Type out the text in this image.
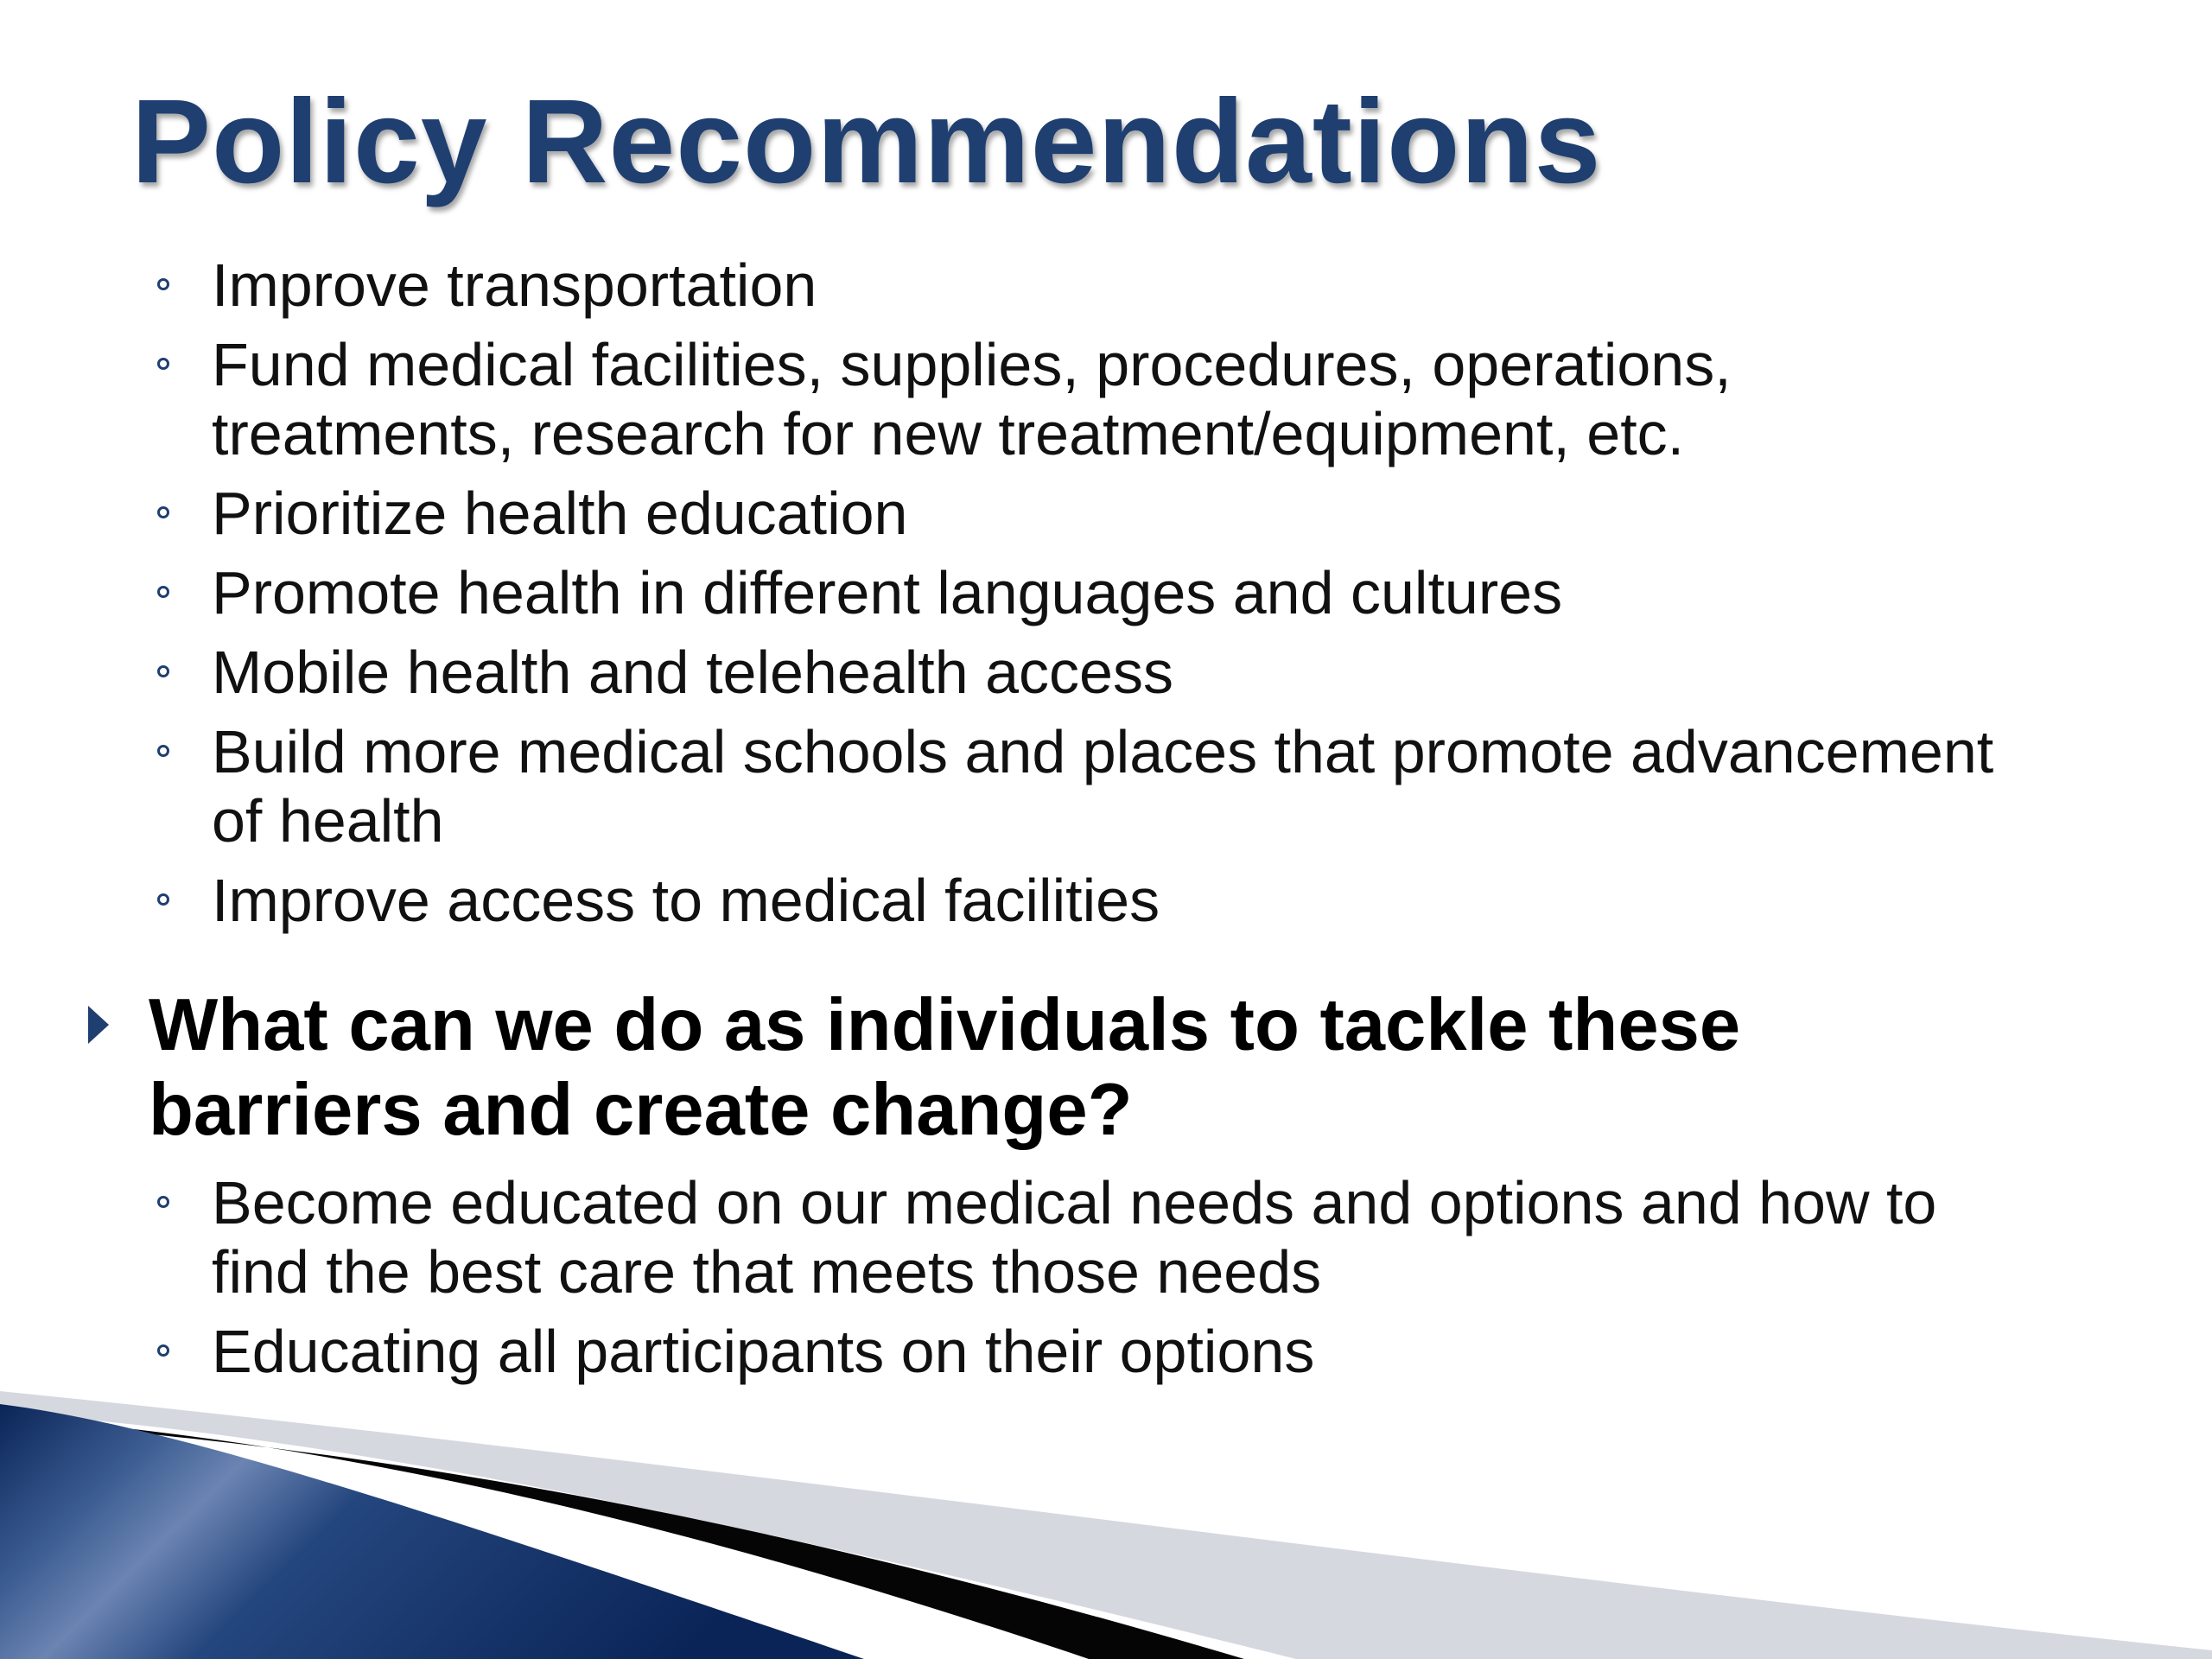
Policy Recommendations
Improve transportation
Fund medical facilities, supplies, procedures, operations,
treatments, research for new treatment/equipment, etc.
Prioritize health education
Promote health in different languages and cultures
Mobile health and telehealth access
Build more medical schools and places that promote advancement
of health
Improve access to medical facilities

What can we do as individuals to tackle these
barriers and create change?

Become educated on our medical needs and options and how to
find the best care that meets those needs
Educating all participants on their options
